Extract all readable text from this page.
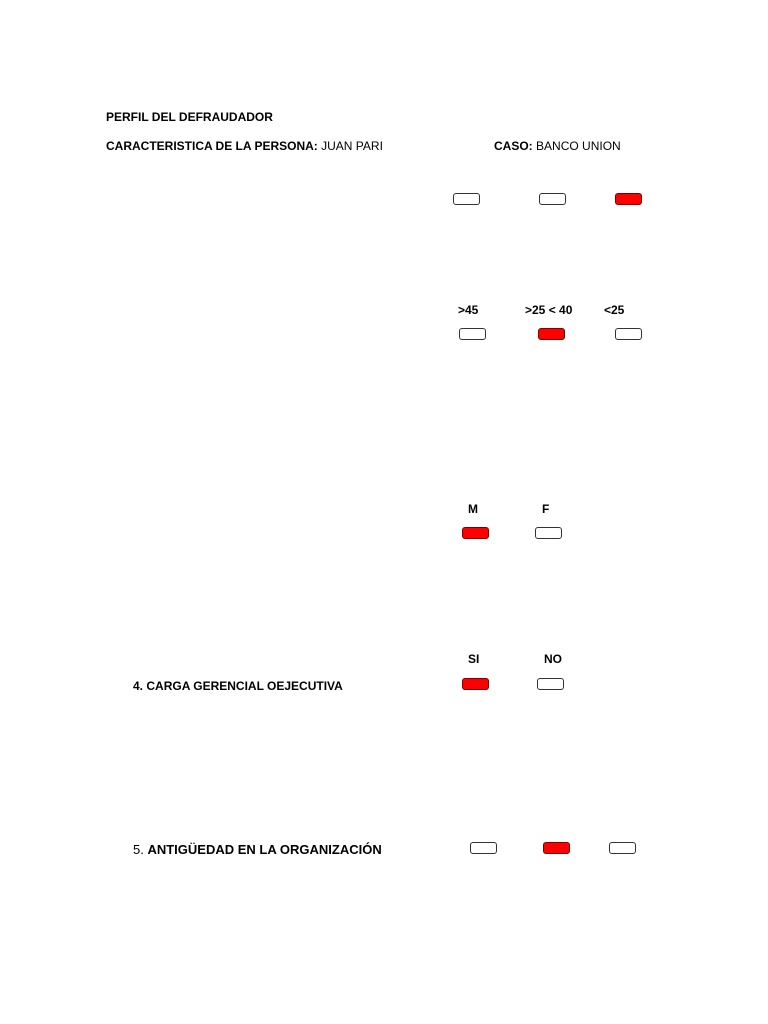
PERFIL DEL DEFRAUDADOR
CARACTERISTICA DE LA PERSONA: JUAN PARI	CASO: BANCO UNION
>45	>25 < 40	<25
M	F
4. CARGA GERENCIAL OEJECUTIVA
SI	NO
5. ANTIGÜEDAD EN LA ORGANIZACIÓN
